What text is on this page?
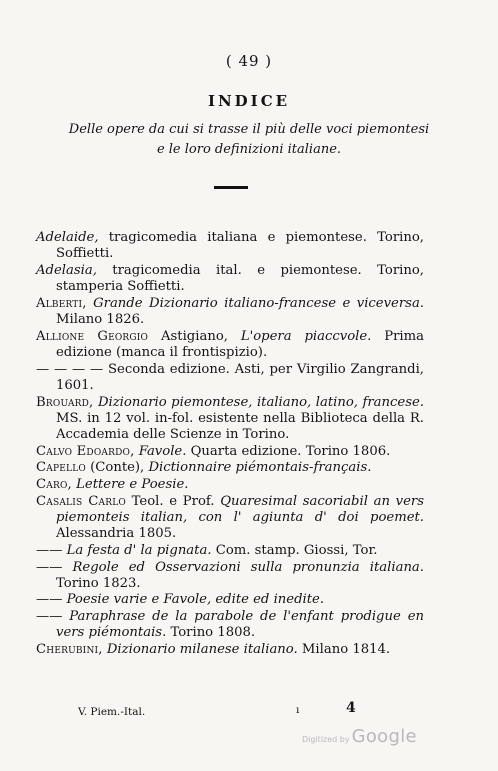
( 49 )
INDICE
Delle opere da cui si trasse il più delle voci piemontesi
e le loro definizioni italiane.
Adelaide, tragicomedia italiana e piemontese. Torino, Soffietti.
Adelasia, tragicomedia ital. e piemontese. Torino, stamperia Soffietti.
Alberti, Grande Dizionario italiano-francese e viceversa. Milano 1826.
Allione Georgio Astigiano, L'opera piaccvole. Prima edizione (manca il frontispizio).
— — — — Seconda edizione. Asti, per Virgilio Zangrandi, 1601.
Brouard, Dizionario piemontese, italiano, latino, francese. MS. in 12 vol. in-fol. esistente nella Biblioteca della R. Accademia delle Scienze in Torino.
Calvo Edoardo, Favole. Quarta edizione. Torino 1806.
Capello (Conte), Dictionnaire piémontais-français.
Caro, Lettere e Poesie.
Casalis Carlo Teol. e Prof. Quaresimal sacoriabil an vers piemonteis italian, con l' agiunta d' doi poemet. Alessandria 1805.
—— La festa d' la pignata. Com. stamp. Giossi, Tor.
—— Regole ed Osservazioni sulla pronunzia italiana. Torino 1823.
—— Poesie varie e Favole, edite ed inedite.
—— Paraphrase de la parabole de l'enfant prodigue en vers piémontais. Torino 1808.
Cherubini, Dizionario milanese italiano. Milano 1814.
V. Piem.-Ital.	ı	4
Digitized by Google
